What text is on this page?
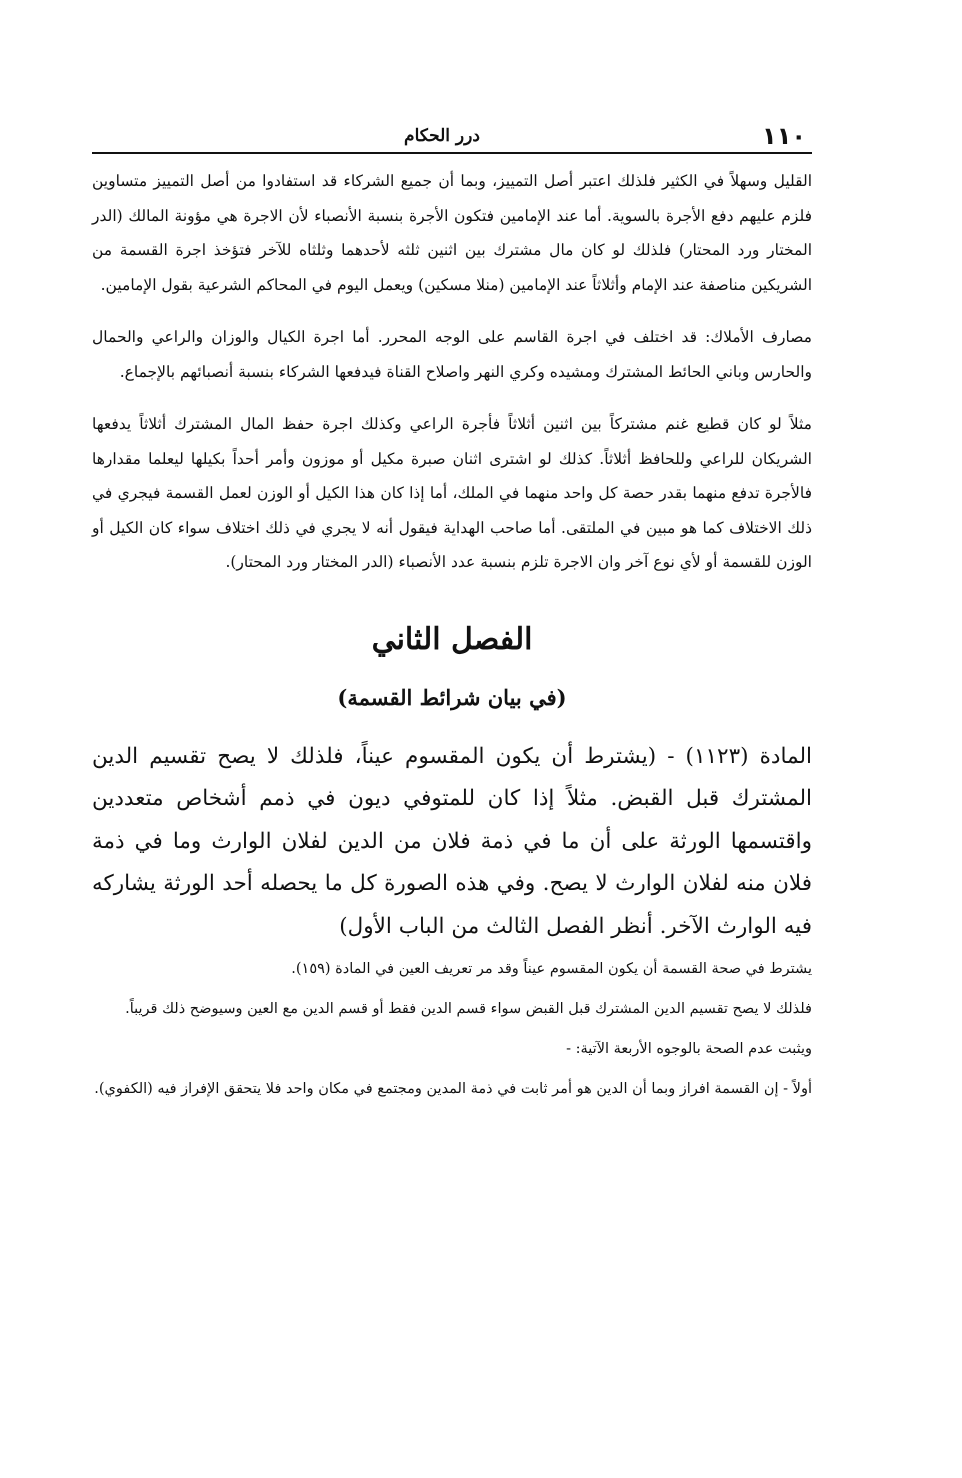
١١٠
درر الحكام

القليل وسهلاً في الكثير فلذلك اعتبر أصل التمييز، وبما أن جميع الشركاء قد استفادوا من أصل التمييز متساوين فلزم عليهم دفع الأجرة بالسوية. أما عند الإمامين فتكون الأجرة بنسبة الأنصباء لأن الاجرة هي مؤونة المالك (الدر المختار ورد المحتار) فلذلك لو كان مال مشترك بين اثنين ثلثه لأحدهما وثلثاه للآخر فتؤخذ اجرة القسمة من الشريكين مناصفة عند الإمام وأثلاثاً عند الإمامين (منلا مسكين) ويعمل اليوم في المحاكم الشرعية بقول الإمامين.

مصارف الأملاك: قد اختلف في اجرة القاسم على الوجه المحرر. أما اجرة الكيال والوزان والراعي والحمال والحارس وباني الحائط المشترك ومشيده وكري النهر واصلاح القناة فيدفعها الشركاء بنسبة أنصبائهم بالإجماع.

مثلاً لو كان قطيع غنم مشتركاً بين اثنين أثلاثاً فأجرة الراعي وكذلك اجرة حفظ المال المشترك أثلاثاً يدفعها الشريكان للراعي وللحافظ أثلاثاً. كذلك لو اشترى اثنان صبرة مكيل أو موزون وأمر أحداً بكيلها ليعلما مقدارها فالأجرة تدفع منهما بقدر حصة كل واحد منهما في الملك، أما إذا كان هذا الكيل أو الوزن لعمل القسمة فيجري في ذلك الاختلاف كما هو مبين في الملتقى. أما صاحب الهداية فيقول أنه لا يجري في ذلك اختلاف سواء كان الكيل أو الوزن للقسمة أو لأي نوع آخر وان الاجرة تلزم بنسبة عدد الأنصباء (الدر المختار ورد المحتار).

الفصل الثاني
(في بيان شرائط القسمة)

المادة (١١٢٣) - (يشترط أن يكون المقسوم عيناً، فلذلك لا يصح تقسيم الدين المشترك قبل القبض. مثلاً إذا كان للمتوفي ديون في ذمم أشخاص متعددين واقتسمها الورثة على أن ما في ذمة فلان من الدين لفلان الوارث وما في ذمة فلان منه لفلان الوارث لا يصح. وفي هذه الصورة كل ما يحصله أحد الورثة يشاركه فيه الوارث الآخر. أنظر الفصل الثالث من الباب الأول)

يشترط في صحة القسمة أن يكون المقسوم عيناً وقد مر تعريف العين في المادة (١٥٩).

فلذلك لا يصح تقسيم الدين المشترك قبل القبض سواء قسم الدين فقط أو قسم الدين مع العين وسيوضح ذلك قريباً.

ويثبت عدم الصحة بالوجوه الأربعة الآتية: -

أولاً - إن القسمة افراز وبما أن الدين هو أمر ثابت في ذمة المدين ومجتمع في مكان واحد فلا يتحقق الإفراز فيه (الكفوي).
